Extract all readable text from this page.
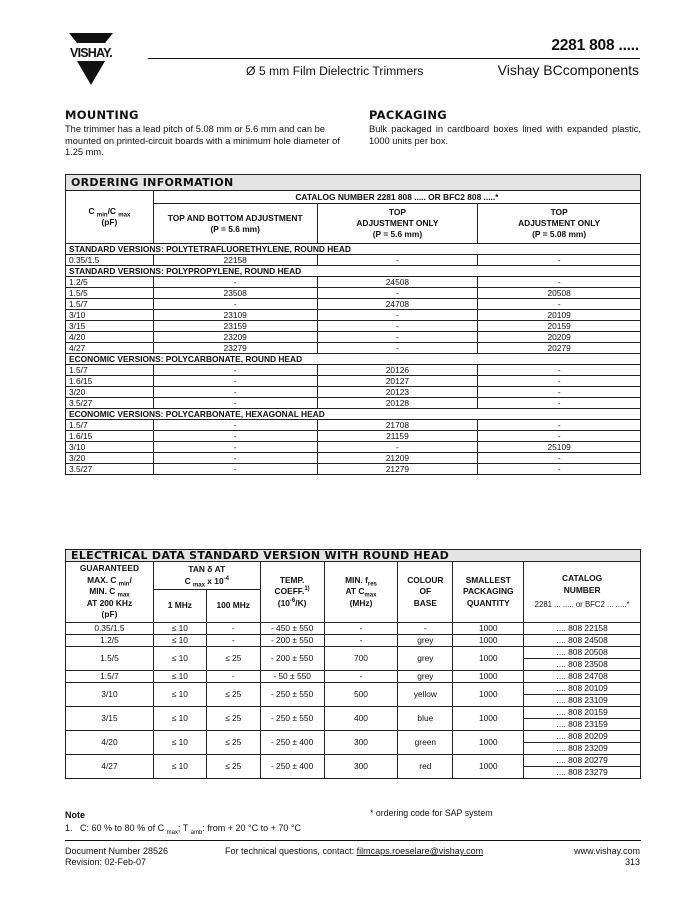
VISHAY.	2281 808 .....
Ø 5 mm Film Dielectric Trimmers	Vishay BCcomponents
MOUNTING
The trimmer has a lead pitch of 5.08 mm or 5.6 mm and can be mounted on printed-circuit boards with a minimum hole diameter of 1.25 mm.
PACKAGING
Bulk packaged in cardboard boxes lined with expanded plastic, 1000 units per box.
ORDERING INFORMATION			
C $_{min}$/C $_{max}$
(pF)	CATALOG NUMBER 2281 808 ..... OR BFC2 808 .....*		
	TOP AND BOTTOM ADJUSTMENT
(P = 5.6 mm)	TOP
ADJUSTMENT ONLY
(P = 5.6 mm)	TOP
ADJUSTMENT ONLY
(P = 5.08 mm)
STANDARD VERSIONS: POLYTETRAFLUORETHYLENE, ROUND HEAD			
0.35/1.5	22158	-	-
STANDARD VERSIONS: POLYPROPYLENE, ROUND HEAD			
1.2/5	-	24508	-
1.5/5	23508	-	20508
1.5/7	-	24708	-
3/10	23109	-	20109
3/15	23159	-	20159
4/20	23209	-	20209
4/27	23279	-	20279
ECONOMIC VERSIONS: POLYCARBONATE, ROUND HEAD			
1.5/7	-	20126	-
1.6/15	-	20127	-
3/20	-	20123	-
3.5/27	-	20128	-
ECONOMIC VERSIONS: POLYCARBONATE, HEXAGONAL HEAD			
1.5/7	-	21708	-
1.6/15	-	21159	-
3/10	-	-	25109
3/20	-	21209	-
3.5/27	-	21279	-
ELECTRICAL DATA STANDARD VERSION WITH ROUND HEAD							
GUARANTEED
MAX. C $_{min}$/
MIN. C $_{max}$
AT 200 KHz
(pF)	TAN δ AT
C $_{max}$ x $10^{-4}$		TEMP.
COEFF.$^{1)}$
$(10^{-6}/K)$	MIN. $f_{res}$
AT $C_{max}$
(MHz)	COLOUR
OF
BASE	SMALLEST
PACKAGING
QUANTITY	CATALOG
NUMBER
2281 ... ..... or BFC2 ... .....*
	1 MHz	100 MHz					
0.35/1.5	≤ 10	-	- 450 ± 550	-	-	1000	.... 808 22158
1.2/5	≤ 10	-	- 200 ± 550	-	grey	1000	.... 808 24508
1.5/5	≤ 10	≤ 25	- 200 ± 550	700	grey	1000	.... 808 20508
							.... 808 23508
1.5/7	≤ 10	-	- 50 ± 550	-	grey	1000	.... 808 24708
3/10	≤ 10	≤ 25	- 250 ± 550	500	yellow	1000	.... 808 20109
							.... 808 23109
3/15	≤ 10	≤ 25	- 250 ± 550	400	blue	1000	.... 808 20159
							.... 808 23159
4/20	≤ 10	≤ 25	- 250 ± 400	300	green	1000	.... 808 20209
							.... 808 23209
4/27	≤ 10	≤ 25	- 250 ± 400	300	red	1000	.... 808 20279
							.... 808 23279
Note	* ordering code for SAP system
1. C: 60 % to 80 % of C $_{max}$; T $_{amb}$: from + 20 °C to + 70 °C
Document Number 28526
Revision: 02-Feb-07
For technical questions, contact: filmcaps.roeselare@vishay.com	www.vishay.com
313
